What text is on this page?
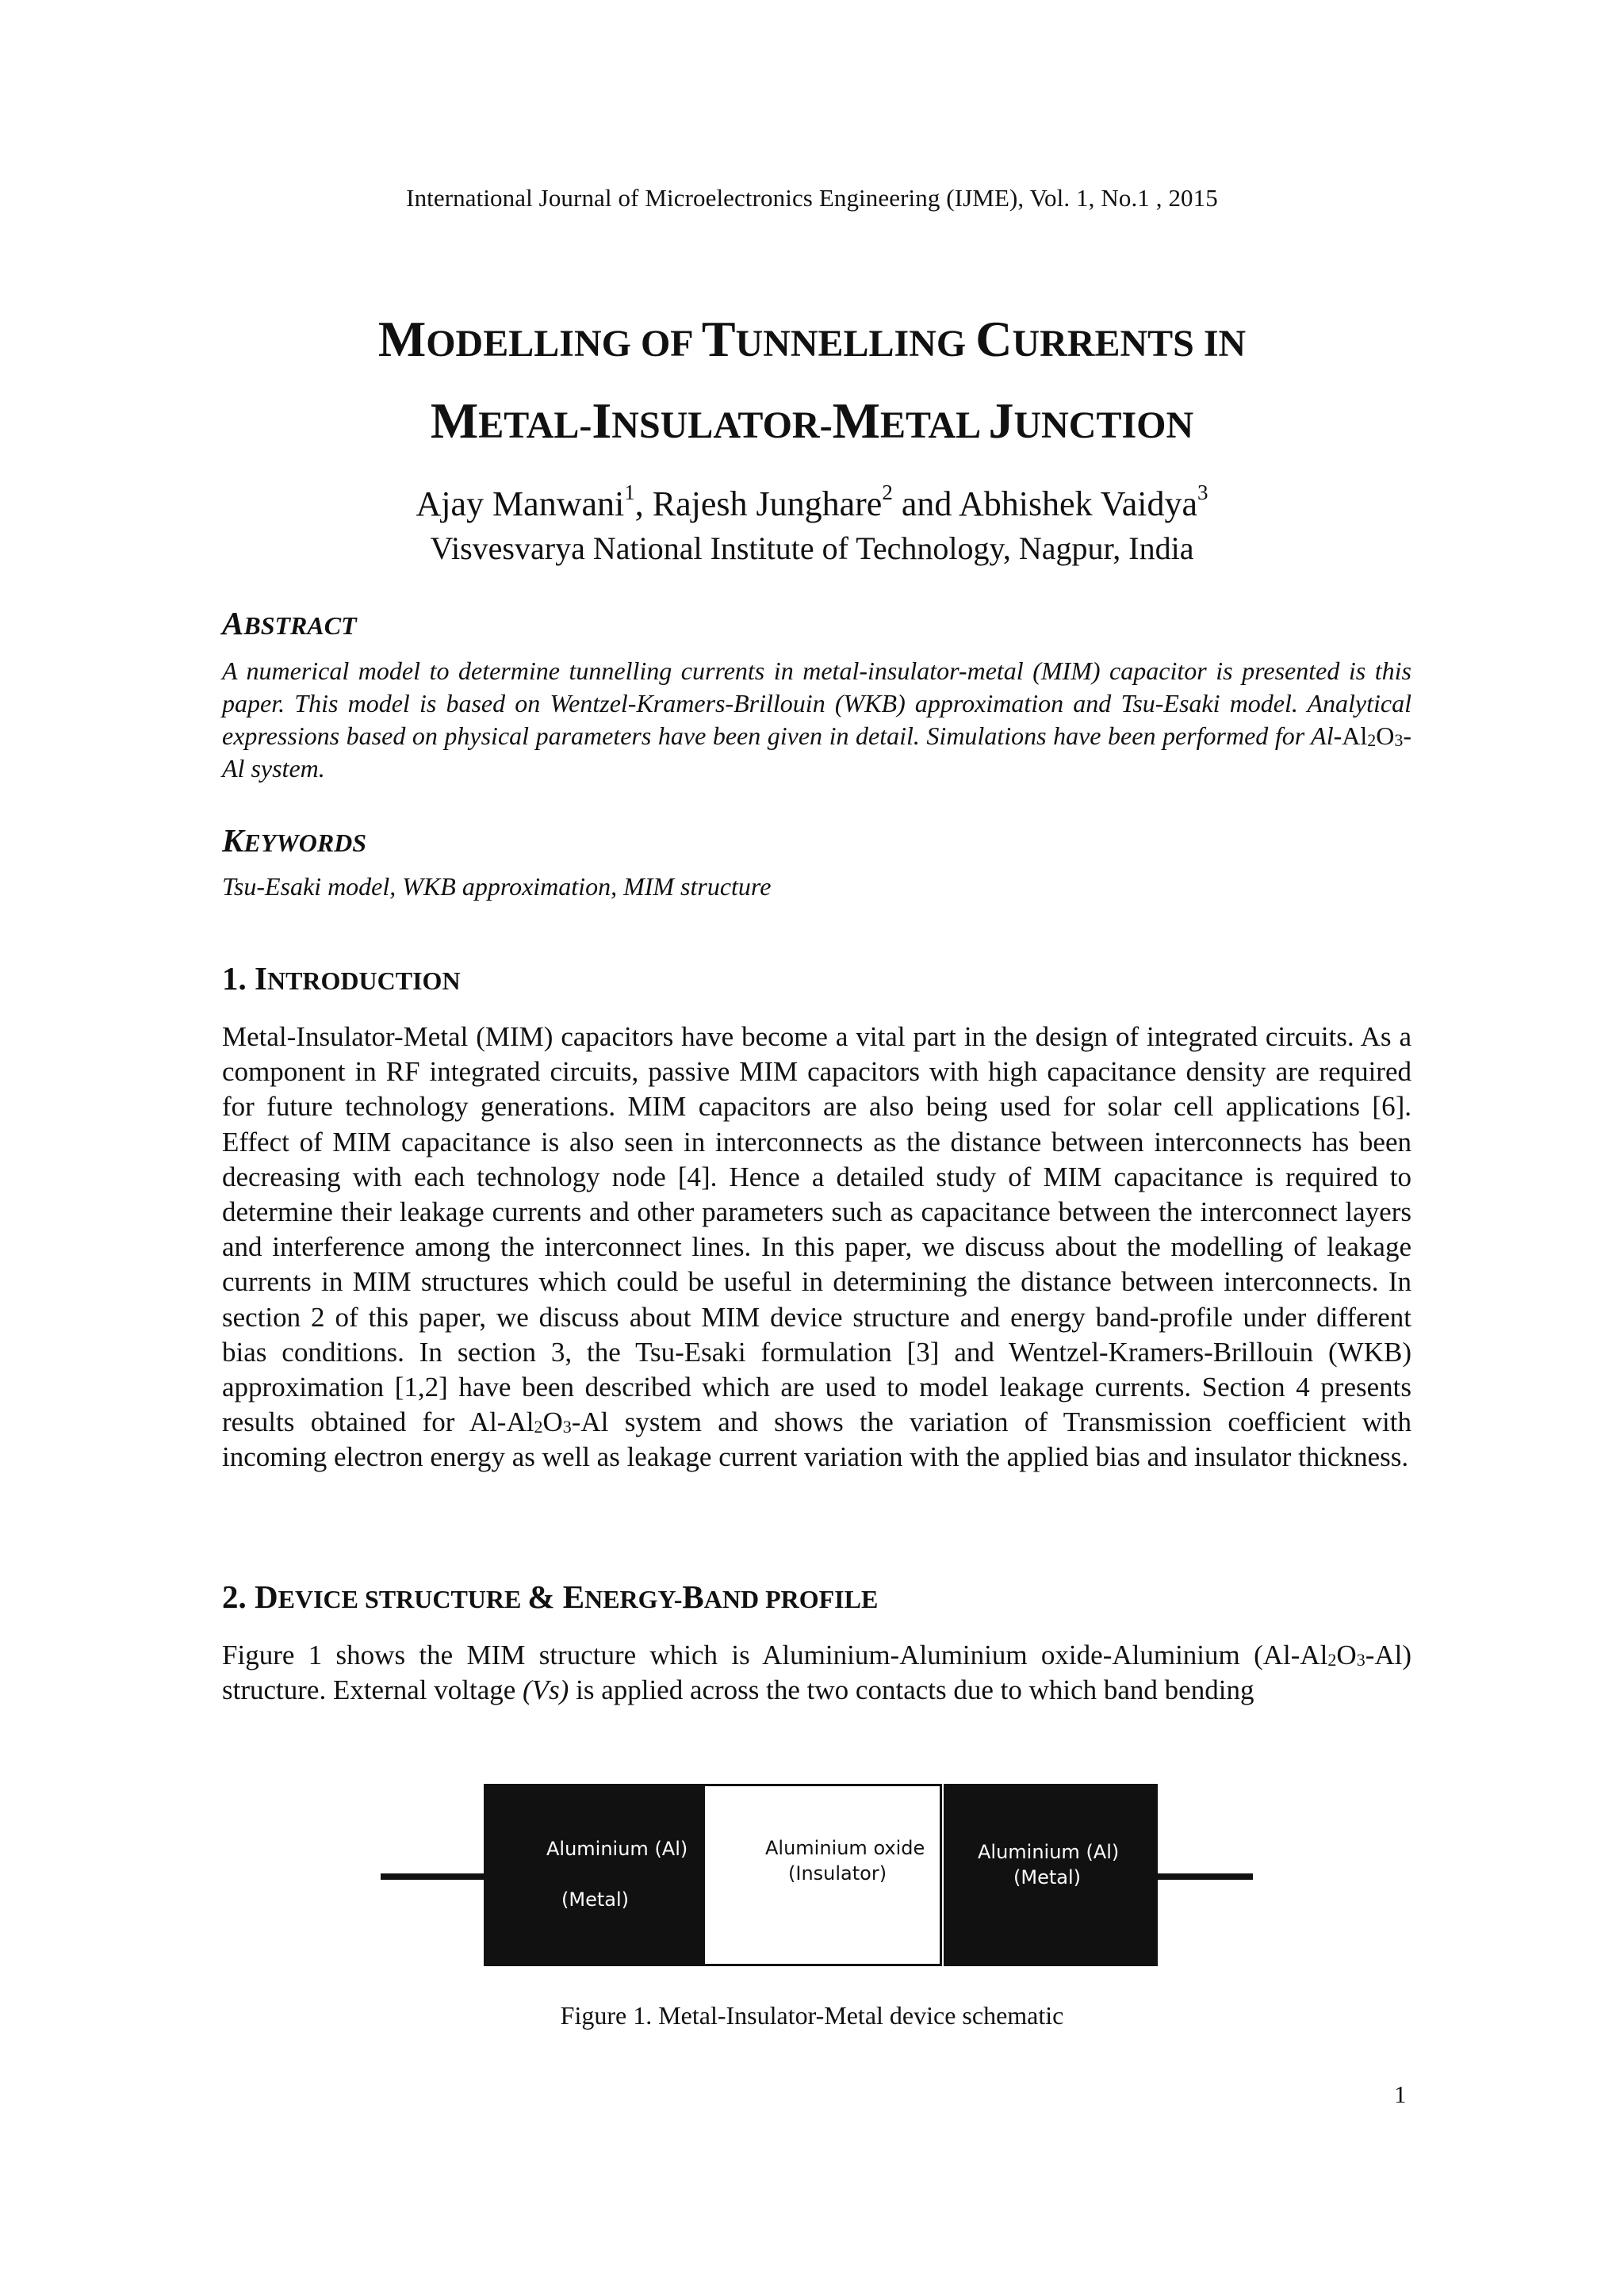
International Journal of Microelectronics Engineering (IJME), Vol. 1, No.1 , 2015
MODELLING OF TUNNELLING CURRENTS IN
METAL-INSULATOR-METAL JUNCTION
Ajay Manwani$^1$, Rajesh Junghare$^2$ and Abhishek Vaidya$^3$
Visvesvarya National Institute of Technology, Nagpur, India
ABSTRACT
A numerical model to determine tunnelling currents in metal-insulator-metal (MIM) capacitor is presented is this paper. This model is based on Wentzel-Kramers-Brillouin (WKB) approximation and Tsu-Esaki model. Analytical expressions based on physical parameters have been given in detail. Simulations have been performed for $Al-Al_2O_3-Al$ system.
KEYWORDS
Tsu-Esaki model, WKB approximation, MIM structure
1. INTRODUCTION
Metal-Insulator-Metal (MIM) capacitors have become a vital part in the design of integrated circuits. As a component in RF integrated circuits, passive MIM capacitors with high capacitance density are required for future technology generations. MIM capacitors are also being used for solar cell applications [6]. Effect of MIM capacitance is also seen in interconnects as the distance between interconnects has been decreasing with each technology node [4]. Hence a detailed study of MIM capacitance is required to determine their leakage currents and other parameters such as capacitance between the interconnect layers and interference among the interconnect lines. In this paper, we discuss about the modelling of leakage currents in MIM structures which could be useful in determining the distance between interconnects. In section 2 of this paper, we discuss about MIM device structure and energy band-profile under different bias conditions. In section 3, the Tsu-Esaki formulation [3] and Wentzel-Kramers-Brillouin (WKB) approximation [1,2] have been described which are used to model leakage currents. Section 4 presents results obtained for $Al-Al_2O_3-Al$ system and shows the variation of Transmission coefficient with incoming electron energy as well as leakage current variation with the applied bias and insulator thickness.
2. DEVICE STRUCTURE & ENERGY-BAND PROFILE
Figure 1 shows the MIM structure which is Aluminium-Aluminium oxide-Aluminium $(Al-Al_2O_3-Al)$ structure. External voltage (Vs) is applied across the two contacts due to which band bending
Aluminium (Al)
(Metal)
Aluminium oxide
(Insulator)
Aluminium (Al)
(Metal)
Figure 1. Metal-Insulator-Metal device schematic
1
